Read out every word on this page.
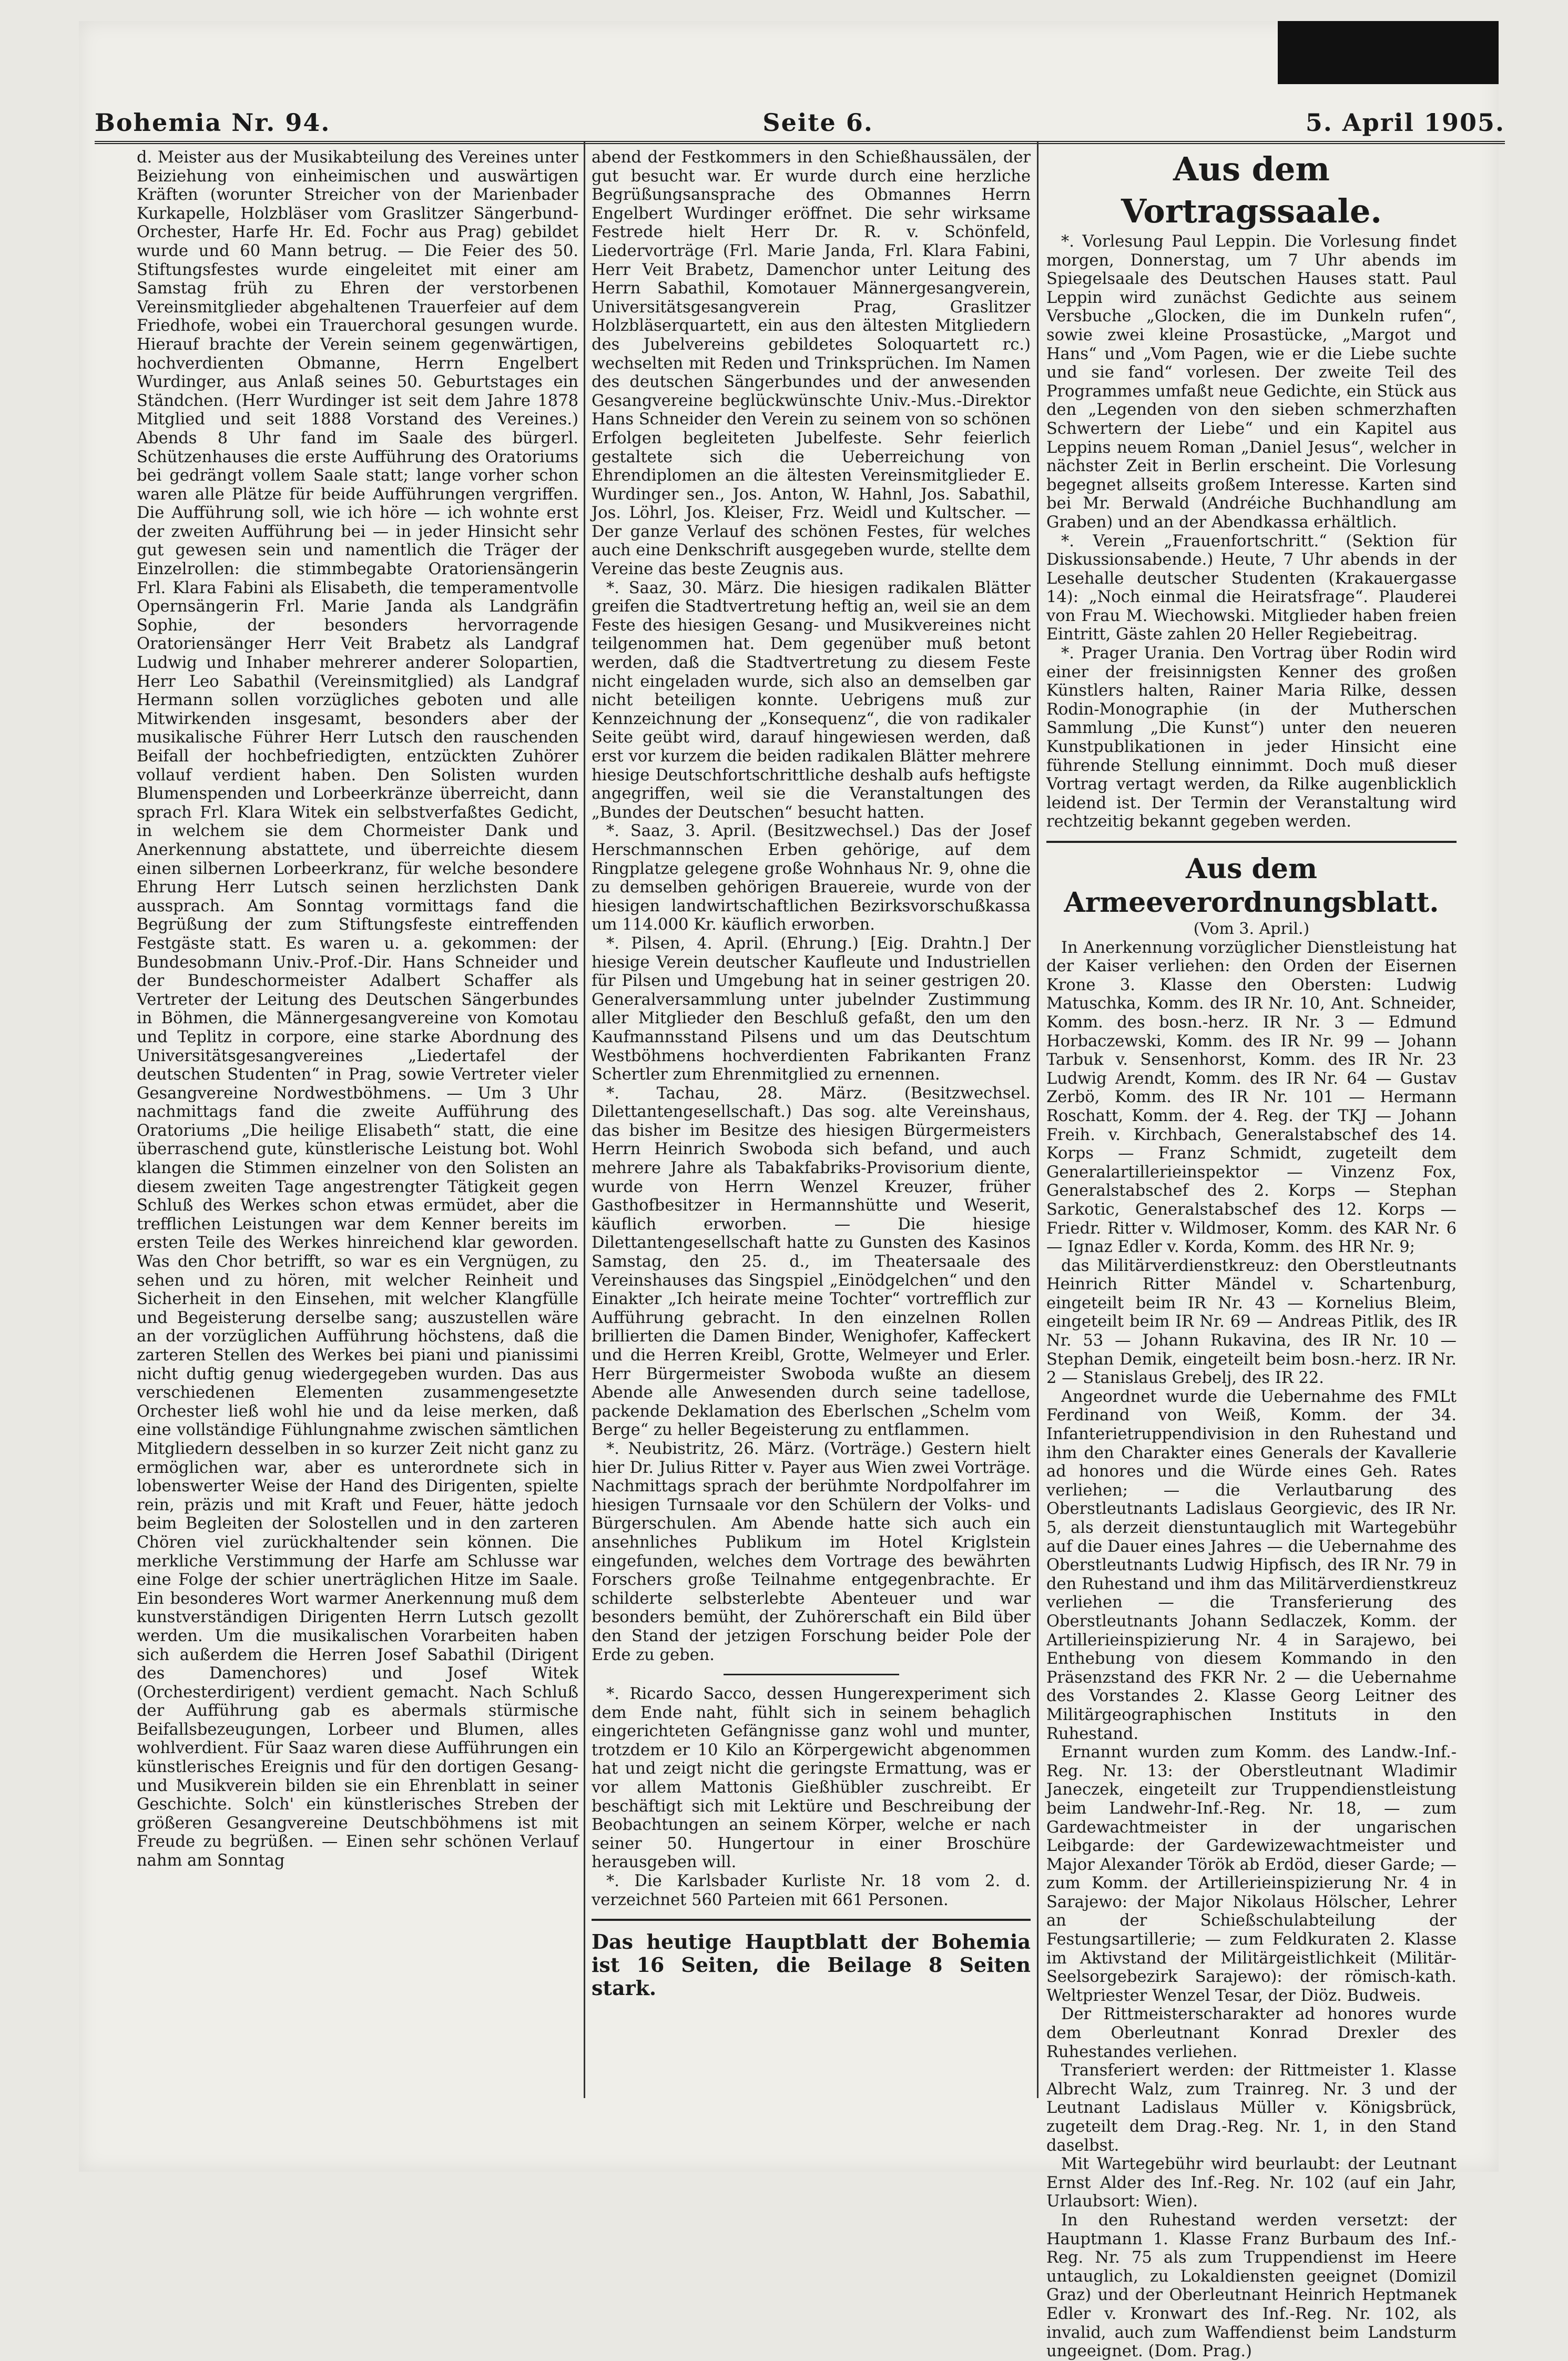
Bohemia Nr. 94.	Seite 6.	5. April 1905.

d. Meister aus der Musikabteilung des Vereines unter Beiziehung von einheimischen und auswärtigen Kräften (worunter Streicher von der Marienbader Kurkapelle, Holzbläser vom Graslitzer Sängerbund-Orchester, Harfe Hr. Ed. Fochr aus Prag) gebildet wurde und 60 Mann betrug. — Die Feier des 50. Stiftungsfestes wurde eingeleitet mit einer am Samstag früh zu Ehren der verstorbenen Vereinsmitglieder abgehaltenen Trauerfeier auf dem Friedhofe, wobei ein Trauerchoral gesungen wurde. Hierauf brachte der Verein seinem gegenwärtigen, hochverdienten Obmanne, Herrn Engelbert Wurdinger, aus Anlaß seines 50. Geburtstages ein Ständchen. (Herr Wurdinger ist seit dem Jahre 1878 Mitglied und seit 1888 Vorstand des Vereines.) Abends 8 Uhr fand im Saale des bürgerl. Schützenhauses die erste Aufführung des Oratoriums bei gedrängt vollem Saale statt; lange vorher schon waren alle Plätze für beide Aufführungen vergriffen. Die Aufführung soll, wie ich höre — ich wohnte erst der zweiten Aufführung bei — in jeder Hinsicht sehr gut gewesen sein und namentlich die Träger der Einzelrollen: die stimmbegabte Oratoriensängerin Frl. Klara Fabini als Elisabeth, die temperamentvolle Opernsängerin Frl. Marie Janda als Landgräfin Sophie, der besonders hervorragende Oratoriensänger Herr Veit Brabetz als Landgraf Ludwig und Inhaber mehrerer anderer Solopartien, Herr Leo Sabathil (Vereinsmitglied) als Landgraf Hermann sollen vorzügliches geboten und alle Mitwirkenden insgesamt, besonders aber der musikalische Führer Herr Lutsch den rauschenden Beifall der hochbefriedigten, entzückten Zuhörer vollauf verdient haben. Den Solisten wurden Blumenspenden und Lorbeerkränze überreicht, dann sprach Frl. Klara Witek ein selbstverfaßtes Gedicht, in welchem sie dem Chormeister Dank und Anerkennung abstattete, und überreichte diesem einen silbernen Lorbeerkranz, für welche besondere Ehrung Herr Lutsch seinen herzlichsten Dank aussprach. Am Sonntag vormittags fand die Begrüßung der zum Stiftungsfeste eintreffenden Festgäste statt. Es waren u. a. gekommen: der Bundesobmann Univ.-Prof.-Dir. Hans Schneider und der Bundeschormeister Adalbert Schaffer als Vertreter der Leitung des Deutschen Sängerbundes in Böhmen, die Männergesangvereine von Komotau und Teplitz in corpore, eine starke Abordnung des Universitätsgesangvereines „Liedertafel der deutschen Studenten“ in Prag, sowie Vertreter vieler Gesangvereine Nordwestböhmens. — Um 3 Uhr nachmittags fand die zweite Aufführung des Oratoriums „Die heilige Elisabeth“ statt, die eine überraschend gute, künstlerische Leistung bot. Wohl klangen die Stimmen einzelner von den Solisten an diesem zweiten Tage angestrengter Tätigkeit gegen Schluß des Werkes schon etwas ermüdet, aber die trefflichen Leistungen war dem Kenner bereits im ersten Teile des Werkes hinreichend klar geworden. Was den Chor betrifft, so war es ein Vergnügen, zu sehen und zu hören, mit welcher Reinheit und Sicherheit in den Einsehen, mit welcher Klangfülle und Begeisterung derselbe sang; auszustellen wäre an der vorzüglichen Aufführung höchstens, daß die zarteren Stellen des Werkes bei piani und pianissimi nicht duftig genug wiedergegeben wurden. Das aus verschiedenen Elementen zusammengesetzte Orchester ließ wohl hie und da leise merken, daß eine vollständige Fühlungnahme zwischen sämtlichen Mitgliedern desselben in so kurzer Zeit nicht ganz zu ermöglichen war, aber es unterordnete sich in lobenswerter Weise der Hand des Dirigenten, spielte rein, präzis und mit Kraft und Feuer, hätte jedoch beim Begleiten der Solostellen und in den zarteren Chören viel zurückhaltender sein können. Die merkliche Verstimmung der Harfe am Schlusse war eine Folge der schier unerträglichen Hitze im Saale. Ein besonderes Wort warmer Anerkennung muß dem kunstverständigen Dirigenten Herrn Lutsch gezollt werden. Um die musikalischen Vorarbeiten haben sich außerdem die Herren Josef Sabathil (Dirigent des Damenchores) und Josef Witek (Orchesterdirigent) verdient gemacht. Nach Schluß der Aufführung gab es abermals stürmische Beifallsbezeugungen, Lorbeer und Blumen, alles wohlverdient. Für Saaz waren diese Aufführungen ein künstlerisches Ereignis und für den dortigen Gesang- und Musikverein bilden sie ein Ehrenblatt in seiner Geschichte. Solch' ein künstlerisches Streben der größeren Gesangvereine Deutschböhmens ist mit Freude zu begrüßen. — Einen sehr schönen Verlauf nahm am Sonntag

abend der Festkommers in den Schießhaussälen, der gut besucht war. Er wurde durch eine herzliche Begrüßungsansprache des Obmannes Herrn Engelbert Wurdinger eröffnet. Die sehr wirksame Festrede hielt Herr Dr. R. v. Schönfeld, Liedervorträge (Frl. Marie Janda, Frl. Klara Fabini, Herr Veit Brabetz, Damenchor unter Leitung des Herrn Sabathil, Komotauer Männergesangverein, Universitätsgesangverein Prag, Graslitzer Holzbläserquartett, ein aus den ältesten Mitgliedern des Jubelvereins gebildetes Soloquartett rc.) wechselten mit Reden und Trinksprüchen. Im Namen des deutschen Sängerbundes und der anwesenden Gesangvereine beglückwünschte Univ.-Mus.-Direktor Hans Schneider den Verein zu seinem von so schönen Erfolgen begleiteten Jubelfeste. Sehr feierlich gestaltete sich die Ueberreichung von Ehrendiplomen an die ältesten Vereinsmitglieder E. Wurdinger sen., Jos. Anton, W. Hahnl, Jos. Sabathil, Jos. Löhrl, Jos. Kleiser, Frz. Weidl und Kultscher. — Der ganze Verlauf des schönen Festes, für welches auch eine Denkschrift ausgegeben wurde, stellte dem Vereine das beste Zeugnis aus.

*. Saaz, 30. März. Die hiesigen radikalen Blätter greifen die Stadtvertretung heftig an, weil sie an dem Feste des hiesigen Gesang- und Musikvereines nicht teilgenommen hat. Dem gegenüber muß betont werden, daß die Stadtvertretung zu diesem Feste nicht eingeladen wurde, sich also an demselben gar nicht beteiligen konnte. Uebrigens muß zur Kennzeichnung der „Konsequenz“, die von radikaler Seite geübt wird, darauf hingewiesen werden, daß erst vor kurzem die beiden radikalen Blätter mehrere hiesige Deutschfortschrittliche deshalb aufs heftigste angegriffen, weil sie die Veranstaltungen des „Bundes der Deutschen“ besucht hatten.

*. Saaz, 3. April. (Besitzwechsel.) Das der Josef Herschmannschen Erben gehörige, auf dem Ringplatze gelegene große Wohnhaus Nr. 9, ohne die zu demselben gehörigen Brauereie, wurde von der hiesigen landwirtschaftlichen Bezirksvorschußkassa um 114.000 Kr. käuflich erworben.

*. Pilsen, 4. April. (Ehrung.) [Eig. Drahtn.] Der hiesige Verein deutscher Kaufleute und Industriellen für Pilsen und Umgebung hat in seiner gestrigen 20. Generalversammlung unter jubelnder Zustimmung aller Mitglieder den Beschluß gefaßt, den um den Kaufmannsstand Pilsens und um das Deutschtum Westböhmens hochverdienten Fabrikanten Franz Schertler zum Ehrenmitglied zu ernennen.

*. Tachau, 28. März. (Besitzwechsel. Dilettantengesellschaft.) Das sog. alte Vereinshaus, das bisher im Besitze des hiesigen Bürgermeisters Herrn Heinrich Swoboda sich befand, und auch mehrere Jahre als Tabakfabriks-Provisorium diente, wurde von Herrn Wenzel Kreuzer, früher Gasthofbesitzer in Hermannshütte und Weserit, käuflich erworben. — Die hiesige Dilettantengesellschaft hatte zu Gunsten des Kasinos Samstag, den 25. d., im Theatersaale des Vereinshauses das Singspiel „Einödgelchen“ und den Einakter „Ich heirate meine Tochter“ vortrefflich zur Aufführung gebracht. In den einzelnen Rollen brillierten die Damen Binder, Wenighofer, Kaffeckert und die Herren Kreibl, Grotte, Welmeyer und Erler. Herr Bürgermeister Swoboda wußte an diesem Abende alle Anwesenden durch seine tadellose, packende Deklamation des Eberlschen „Schelm vom Berge“ zu heller Begeisterung zu entflammen.

*. Neubistritz, 26. März. (Vorträge.) Gestern hielt hier Dr. Julius Ritter v. Payer aus Wien zwei Vorträge. Nachmittags sprach der berühmte Nordpolfahrer im hiesigen Turnsaale vor den Schülern der Volks- und Bürgerschulen. Am Abende hatte sich auch ein ansehnliches Publikum im Hotel Kriglstein eingefunden, welches dem Vortrage des bewährten Forschers große Teilnahme entgegenbrachte. Er schilderte selbsterlebte Abenteuer und war besonders bemüht, der Zuhörerschaft ein Bild über den Stand der jetzigen Forschung beider Pole der Erde zu geben.

*. Ricardo Sacco, dessen Hungerexperiment sich dem Ende naht, fühlt sich in seinem behaglich eingerichteten Gefängnisse ganz wohl und munter, trotzdem er 10 Kilo an Körpergewicht abgenommen hat und zeigt nicht die geringste Ermattung, was er vor allem Mattonis Gießhübler zuschreibt. Er beschäftigt sich mit Lektüre und Beschreibung der Beobachtungen an seinem Körper, welche er nach seiner 50. Hungertour in einer Broschüre herausgeben will.

*. Die Karlsbader Kurliste Nr. 18 vom 2. d. verzeichnet 560 Parteien mit 661 Personen.

Das heutige Hauptblatt der Bohemia ist 16 Seiten, die Beilage 8 Seiten stark.

Aus dem Vortragssaale.

*. Vorlesung Paul Leppin. Die Vorlesung findet morgen, Donnerstag, um 7 Uhr abends im Spiegelsaale des Deutschen Hauses statt. Paul Leppin wird zunächst Gedichte aus seinem Versbuche „Glocken, die im Dunkeln rufen“, sowie zwei kleine Prosastücke, „Margot und Hans“ und „Vom Pagen, wie er die Liebe suchte und sie fand“ vorlesen. Der zweite Teil des Programmes umfaßt neue Gedichte, ein Stück aus den „Legenden von den sieben schmerzhaften Schwertern der Liebe“ und ein Kapitel aus Leppins neuem Roman „Daniel Jesus“, welcher in nächster Zeit in Berlin erscheint. Die Vorlesung begegnet allseits großem Interesse. Karten sind bei Mr. Berwald (Andréiche Buchhandlung am Graben) und an der Abendkassa erhältlich.

*. Verein „Frauenfortschritt.“ (Sektion für Diskussionsabende.) Heute, 7 Uhr abends in der Lesehalle deutscher Studenten (Krakauergasse 14): „Noch einmal die Heiratsfrage“. Plauderei von Frau M. Wiechowski. Mitglieder haben freien Eintritt, Gäste zahlen 20 Heller Regiebeitrag.

*. Prager Urania. Den Vortrag über Rodin wird einer der freisinnigsten Kenner des großen Künstlers halten, Rainer Maria Rilke, dessen Rodin-Monographie (in der Mutherschen Sammlung „Die Kunst“) unter den neueren Kunstpublikationen in jeder Hinsicht eine führende Stellung einnimmt. Doch muß dieser Vortrag vertagt werden, da Rilke augenblicklich leidend ist. Der Termin der Veranstaltung wird rechtzeitig bekannt gegeben werden.

Aus dem Armeeverordnungsblatt.

(Vom 3. April.)

In Anerkennung vorzüglicher Dienstleistung hat der Kaiser verliehen: den Orden der Eisernen Krone 3. Klasse den Obersten: Ludwig Matuschka, Komm. des IR Nr. 10, Ant. Schneider, Komm. des bosn.-herz. IR Nr. 3 — Edmund Horbaczewski, Komm. des IR Nr. 99 — Johann Tarbuk v. Sensenhorst, Komm. des IR Nr. 23 Ludwig Arendt, Komm. des IR Nr. 64 — Gustav Zerbö, Komm. des IR Nr. 101 — Hermann Roschatt, Komm. der 4. Reg. der TKJ — Johann Freih. v. Kirchbach, Generalstabschef des 14. Korps — Franz Schmidt, zugeteilt dem Generalartillerieinspektor — Vinzenz Fox, Generalstabschef des 2. Korps — Stephan Sarkotic, Generalstabschef des 12. Korps — Friedr. Ritter v. Wildmoser, Komm. des KAR Nr. 6 — Ignaz Edler v. Korda, Komm. des HR Nr. 9;

das Militärverdienstkreuz: den Oberstleutnants Heinrich Ritter Mändel v. Schartenburg, eingeteilt beim IR Nr. 43 — Kornelius Bleim, eingeteilt beim IR Nr. 69 — Andreas Pitlik, des IR Nr. 53 — Johann Rukavina, des IR Nr. 10 — Stephan Demik, eingeteilt beim bosn.-herz. IR Nr. 2 — Stanislaus Grebelj, des IR 22.

Angeordnet wurde die Uebernahme des FMLt Ferdinand von Weiß, Komm. der 34. Infanterietruppendivision in den Ruhestand und ihm den Charakter eines Generals der Kavallerie ad honores und die Würde eines Geh. Rates verliehen; — die Verlautbarung des Oberstleutnants Ladislaus Georgievic, des IR Nr. 5, als derzeit dienstuntauglich mit Wartegebühr auf die Dauer eines Jahres — die Uebernahme des Oberstleutnants Ludwig Hipfisch, des IR Nr. 79 in den Ruhestand und ihm das Militärverdienstkreuz verliehen — die Transferierung des Oberstleutnants Johann Sedlaczek, Komm. der Artillerieinspizierung Nr. 4 in Sarajewo, bei Enthebung von diesem Kommando in den Präsenzstand des FKR Nr. 2 — die Uebernahme des Vorstandes 2. Klasse Georg Leitner des Militärgeographischen Instituts in den Ruhestand.

Ernannt wurden zum Komm. des Landw.-Inf.-Reg. Nr. 13: der Oberstleutnant Wladimir Janeczek, eingeteilt zur Truppendienstleistung beim Landwehr-Inf.-Reg. Nr. 18, — zum Gardewachtmeister in der ungarischen Leibgarde: der Gardewizewachtmeister und Major Alexander Török ab Erdöd, dieser Garde; — zum Komm. der Artillerieinspizierung Nr. 4 in Sarajewo: der Major Nikolaus Hölscher, Lehrer an der Schießschulabteilung der Festungsartillerie; — zum Feldkuraten 2. Klasse im Aktivstand der Militärgeistlichkeit (Militär-Seelsorgebezirk Sarajewo): der römisch-kath. Weltpriester Wenzel Tesar, der Diöz. Budweis.

Der Rittmeisterscharakter ad honores wurde dem Oberleutnant Konrad Drexler des Ruhestandes verliehen.

Transferiert werden: der Rittmeister 1. Klasse Albrecht Walz, zum Trainreg. Nr. 3 und der Leutnant Ladislaus Müller v. Königsbrück, zugeteilt dem Drag.-Reg. Nr. 1, in den Stand daselbst.

Mit Wartegebühr wird beurlaubt: der Leutnant Ernst Alder des Inf.-Reg. Nr. 102 (auf ein Jahr, Urlaubsort: Wien).

In den Ruhestand werden versetzt: der Hauptmann 1. Klasse Franz Burbaum des Inf.-Reg. Nr. 75 als zum Truppendienst im Heere untauglich, zu Lokaldiensten geeignet (Domizil Graz) und der Oberleutnant Heinrich Heptmanek Edler v. Kronwart des Inf.-Reg. Nr. 102, als invalid, auch zum Waffendienst beim Landsturm ungeeignet. (Dom. Prag.)
